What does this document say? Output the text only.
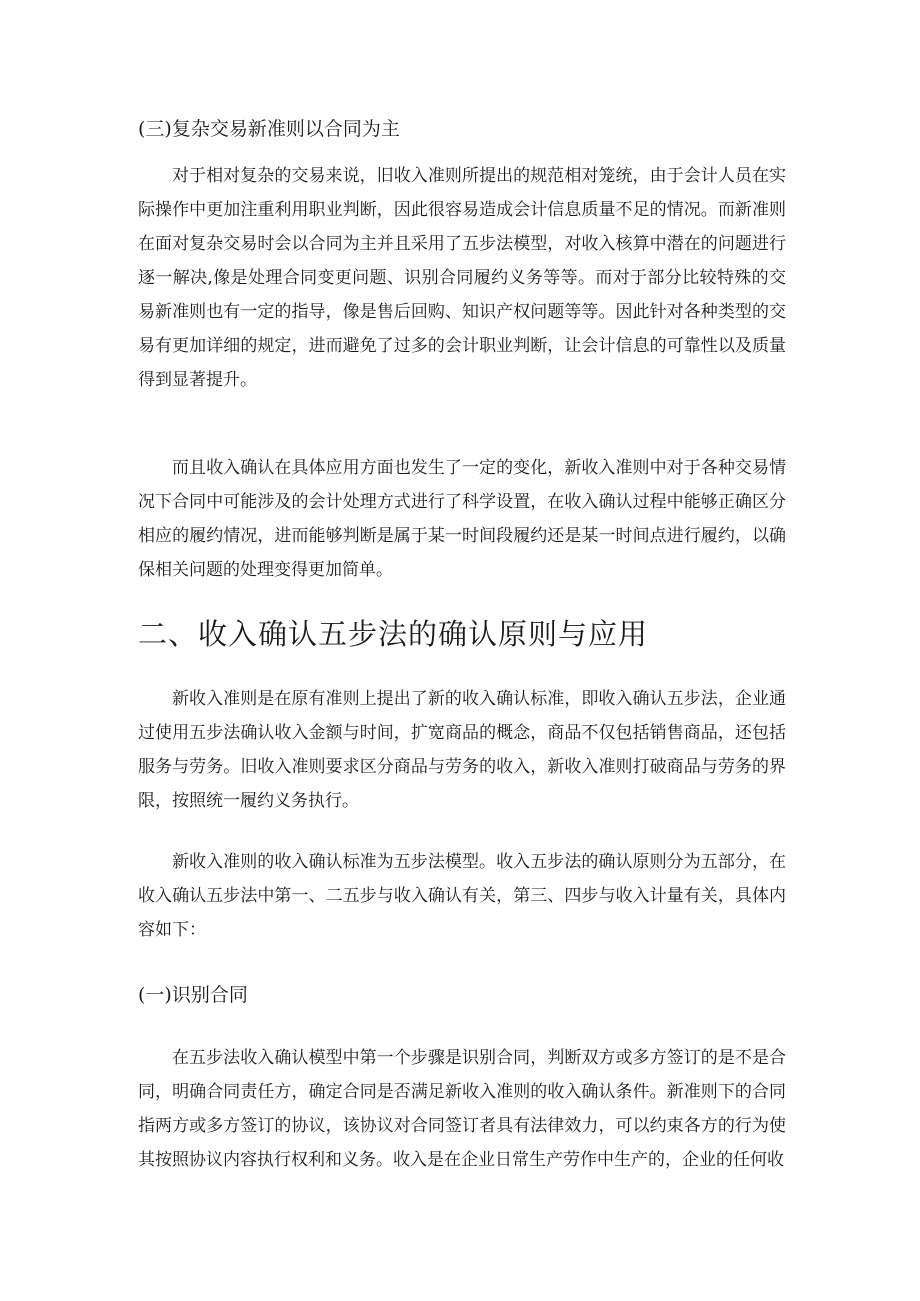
(三)复杂交易新准则以合同为主

对于相对复杂的交易来说，旧收入准则所提出的规范相对笼统，由于会计人员在实际操作中更加注重利用职业判断，因此很容易造成会计信息质量不足的情况。而新准则在面对复杂交易时会以合同为主并且采用了五步法模型，对收入核算中潜在的问题进行逐一解决,像是处理合同变更问题、识别合同履约义务等等。而对于部分比较特殊的交易新准则也有一定的指导，像是售后回购、知识产权问题等等。因此针对各种类型的交易有更加详细的规定，进而避免了过多的会计职业判断，让会计信息的可靠性以及质量得到显著提升。

而且收入确认在具体应用方面也发生了一定的变化，新收入准则中对于各种交易情况下合同中可能涉及的会计处理方式进行了科学设置，在收入确认过程中能够正确区分相应的履约情况，进而能够判断是属于某一时间段履约还是某一时间点进行履约，以确保相关问题的处理变得更加简单。

二、收入确认五步法的确认原则与应用

新收入准则是在原有准则上提出了新的收入确认标准，即收入确认五步法，企业通过使用五步法确认收入金额与时间，扩宽商品的概念，商品不仅包括销售商品，还包括服务与劳务。旧收入准则要求区分商品与劳务的收入，新收入准则打破商品与劳务的界限，按照统一履约义务执行。

新收入准则的收入确认标准为五步法模型。收入五步法的确认原则分为五部分，在收入确认五步法中第一、二五步与收入确认有关，第三、四步与收入计量有关，具体内容如下：

(一)识别合同

在五步法收入确认模型中第一个步骤是识别合同，判断双方或多方签订的是不是合同，明确合同责任方，确定合同是否满足新收入准则的收入确认条件。新准则下的合同指两方或多方签订的协议，该协议对合同签订者具有法律效力，可以约束各方的行为使其按照协议内容执行权利和义务。收入是在企业日常生产劳作中生产的，企业的任何收
